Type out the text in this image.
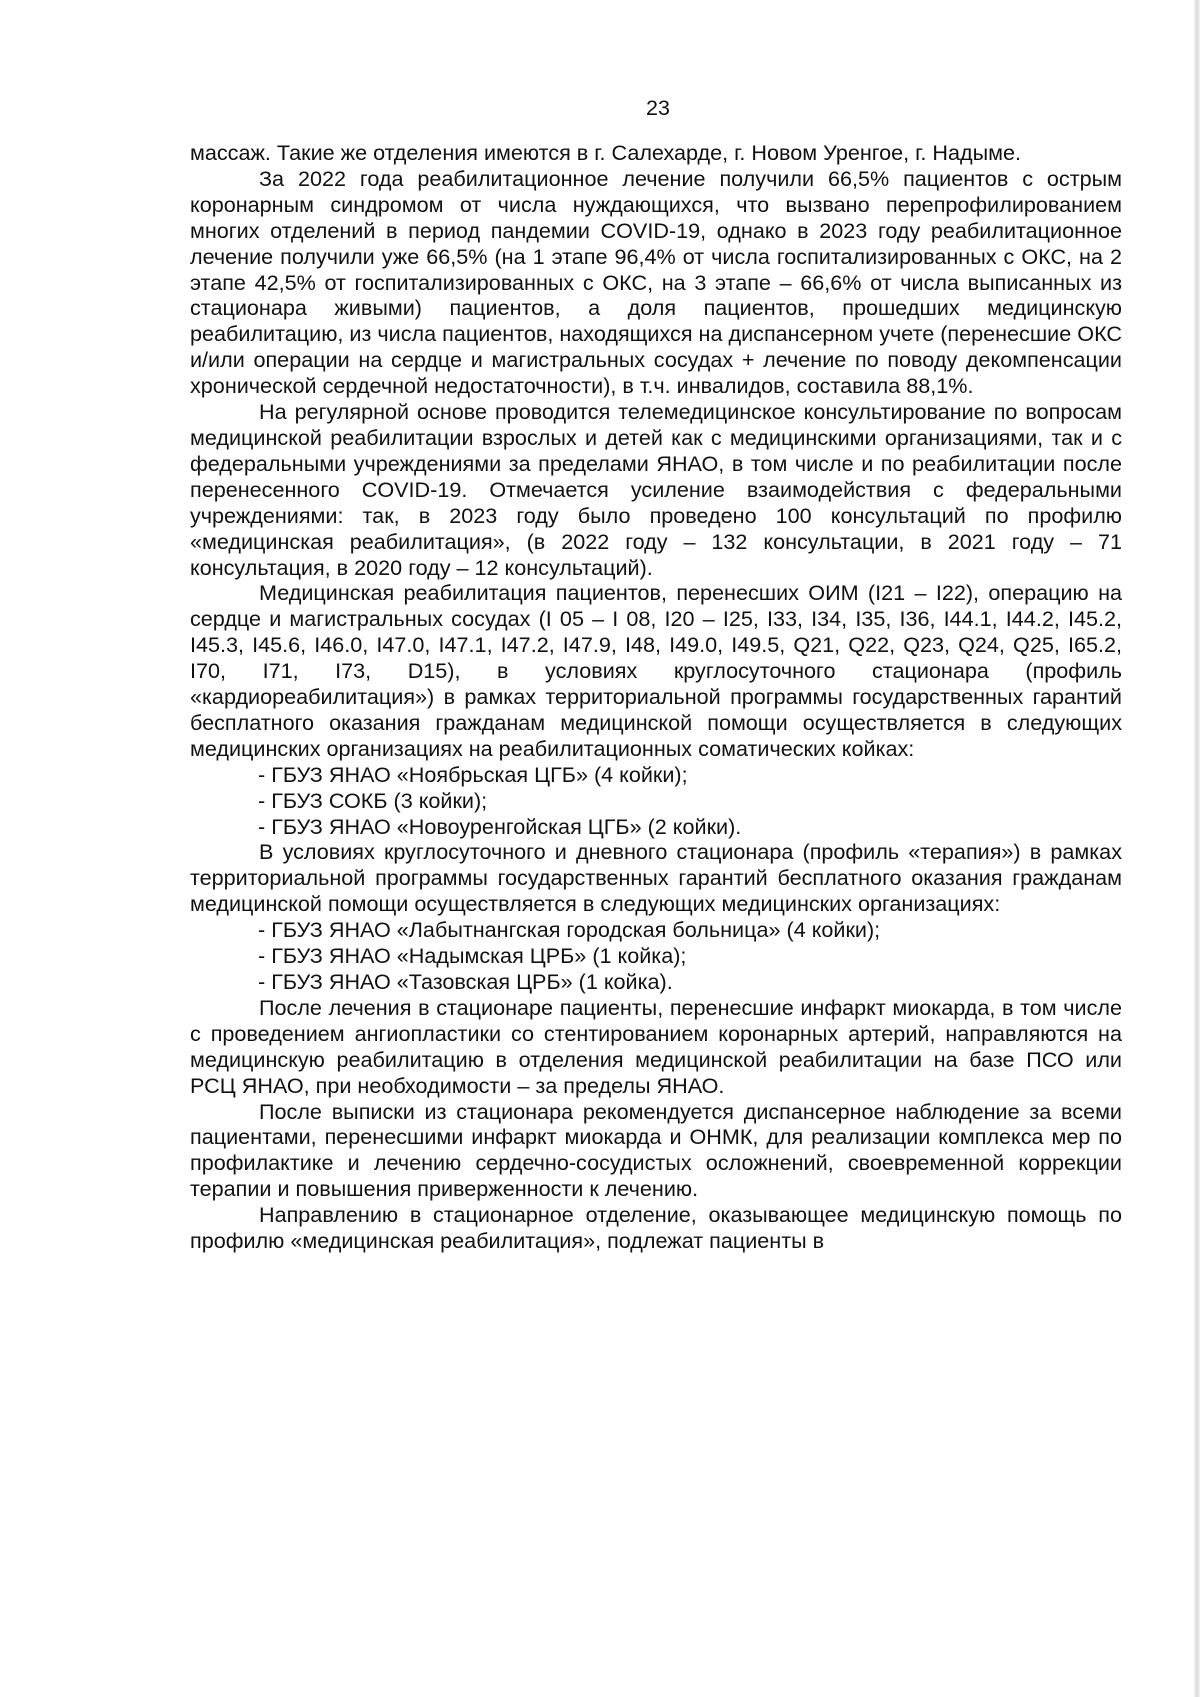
23

массаж. Такие же отделения имеются в г. Салехарде, г. Новом Уренгое, г. Надыме.

За 2022 года реабилитационное лечение получили 66,5% пациентов с острым коронарным синдромом от числа нуждающихся, что вызвано перепрофилированием многих отделений в период пандемии COVID-19, однако в 2023 году реабилитационное лечение получили уже 66,5% (на 1 этапе 96,4% от числа госпитализированных с ОКС, на 2 этапе 42,5% от госпитализированных с ОКС, на 3 этапе – 66,6% от числа выписанных из стационара живыми) пациентов, а доля пациентов, прошедших медицинскую реабилитацию, из числа пациентов, находящихся на диспансерном учете (перенесшие ОКС и/или операции на сердце и магистральных сосудах + лечение по поводу декомпенсации хронической сердечной недостаточности), в т.ч. инвалидов, составила 88,1%.

На регулярной основе проводится телемедицинское консультирование по вопросам медицинской реабилитации взрослых и детей как с медицинскими организациями, так и с федеральными учреждениями за пределами ЯНАО, в том числе и по реабилитации после перенесенного COVID-19. Отмечается усиление взаимодействия с федеральными учреждениями: так, в 2023 году было проведено 100 консультаций по профилю «медицинская реабилитация», (в 2022 году – 132 консультации, в 2021 году – 71 консультация, в 2020 году – 12 консультаций).

Медицинская реабилитация пациентов, перенесших ОИМ (I21 – I22), операцию на сердце и магистральных сосудах (I 05 – I 08, I20 – I25, I33, I34, I35, I36, I44.1, I44.2, I45.2, I45.3, I45.6, I46.0, I47.0, I47.1, I47.2, I47.9, I48, I49.0, I49.5, Q21, Q22, Q23, Q24, Q25, I65.2, I70, I71, I73, D15), в условиях круглосуточного стационара (профиль «кардиореабилитация») в рамках территориальной программы государственных гарантий бесплатного оказания гражданам медицинской помощи осуществляется в следующих медицинских организациях на реабилитационных соматических койках:

- ГБУЗ ЯНАО «Ноябрьская ЦГБ» (4 койки);

- ГБУЗ СОКБ (3 койки);

- ГБУЗ ЯНАО «Новоуренгойская ЦГБ» (2 койки).

В условиях круглосуточного и дневного стационара (профиль «терапия») в рамках территориальной программы государственных гарантий бесплатного оказания гражданам медицинской помощи осуществляется в следующих медицинских организациях:

- ГБУЗ ЯНАО «Лабытнангская городская больница» (4 койки);

- ГБУЗ ЯНАО «Надымская ЦРБ» (1 койка);

- ГБУЗ ЯНАО «Тазовская ЦРБ» (1 койка).

После лечения в стационаре пациенты, перенесшие инфаркт миокарда, в том числе с проведением ангиопластики со стентированием коронарных артерий, направляются на медицинскую реабилитацию в отделения медицинской реабилитации на базе ПСО или РСЦ ЯНАО, при необходимости – за пределы ЯНАО.

После выписки из стационара рекомендуется диспансерное наблюдение за всеми пациентами, перенесшими инфаркт миокарда и ОНМК, для реализации комплекса мер по профилактике и лечению сердечно-сосудистых осложнений, своевременной коррекции терапии и повышения приверженности к лечению.

Направлению в стационарное отделение, оказывающее медицинскую помощь по профилю «медицинская реабилитация», подлежат пациенты в
